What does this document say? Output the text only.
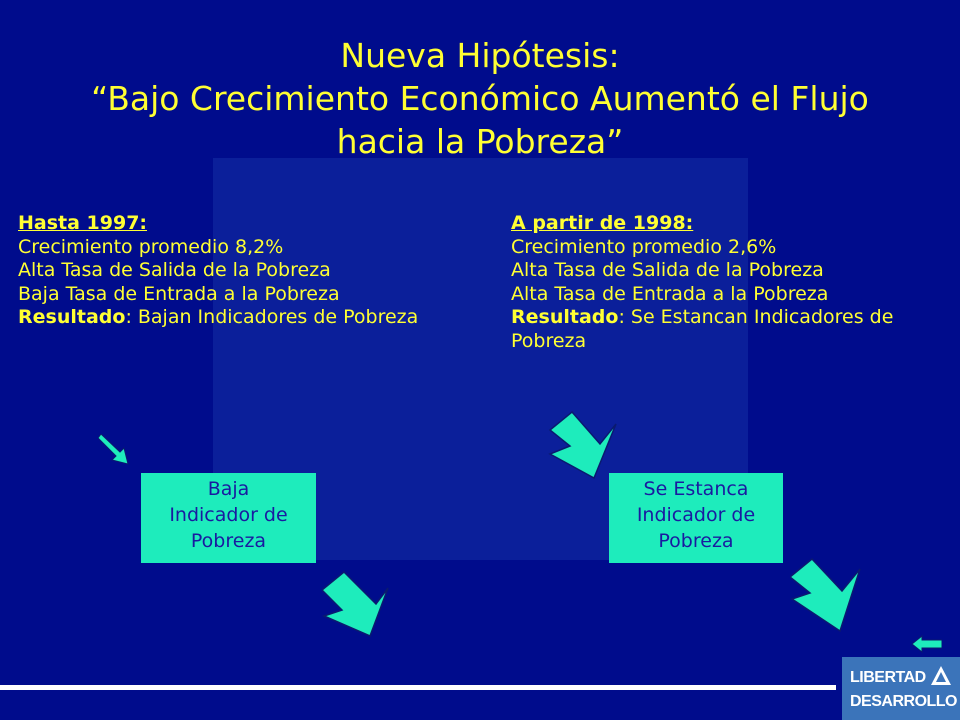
Nueva Hipótesis:
“Bajo Crecimiento Económico Aumentó el Flujo
hacia la Pobreza”
Hasta 1997:
Crecimiento promedio 8,2%
Alta Tasa de Salida de la Pobreza
Baja Tasa de Entrada a la Pobreza
Resultado: Bajan Indicadores de Pobreza
A partir de 1998:
Crecimiento promedio 2,6%
Alta Tasa de Salida de la Pobreza
Alta Tasa de Entrada a la Pobreza
Resultado: Se Estancan Indicadores de Pobreza
Baja
Indicador de
Pobreza
Se Estanca
Indicador de
Pobreza
LIBERTAD
DESARROLLO
